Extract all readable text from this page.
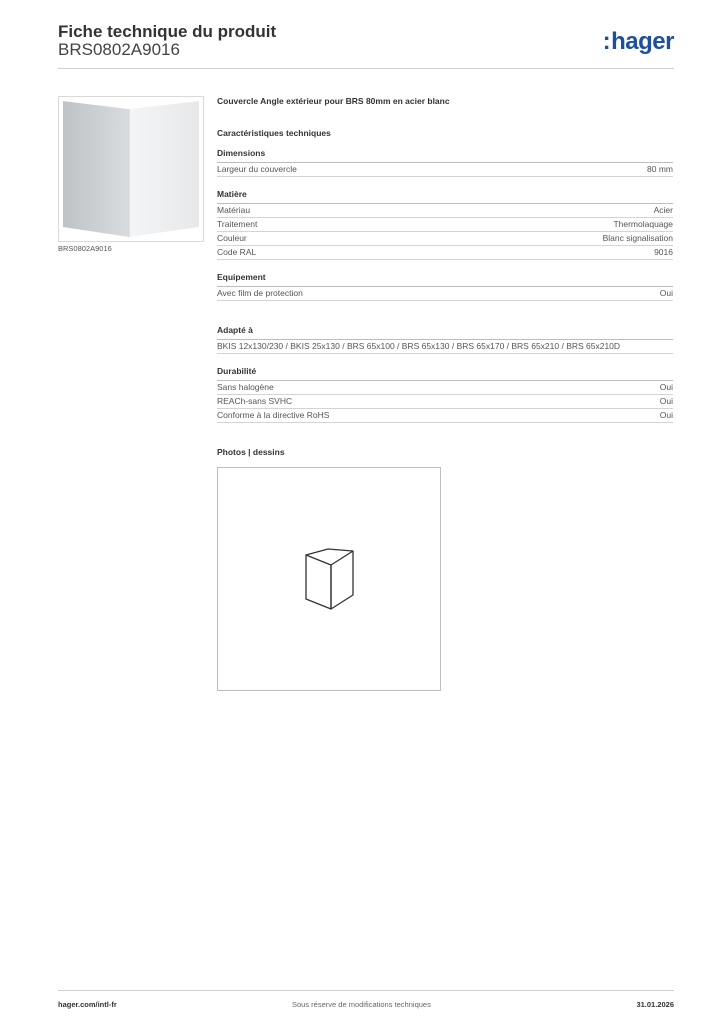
Fiche technique du produit
BRS0802A9016	:hager
BRS0802A9016
Couvercle Angle extérieur pour BRS 80mm en acier blanc
Caractéristiques techniques
Dimensions
Largeur du couvercle	80 mm
Matière
Matériau	Acier
Traitement	Thermolaquage
Couleur	Blanc signalisation
Code RAL	9016
Equipement
Avec film de protection	Oui
Adapté à
BKIS 12x130/230 / BKIS 25x130 / BRS 65x100 / BRS 65x130 / BRS 65x170 / BRS 65x210 / BRS 65x210D
Durabilité
Sans halogène	Oui
REACh-sans SVHC	Oui
Conforme à la directive RoHS	Oui
Photos | dessins
hager.com/intl-fr	Sous réserve de modifications techniques	31.01.2026
